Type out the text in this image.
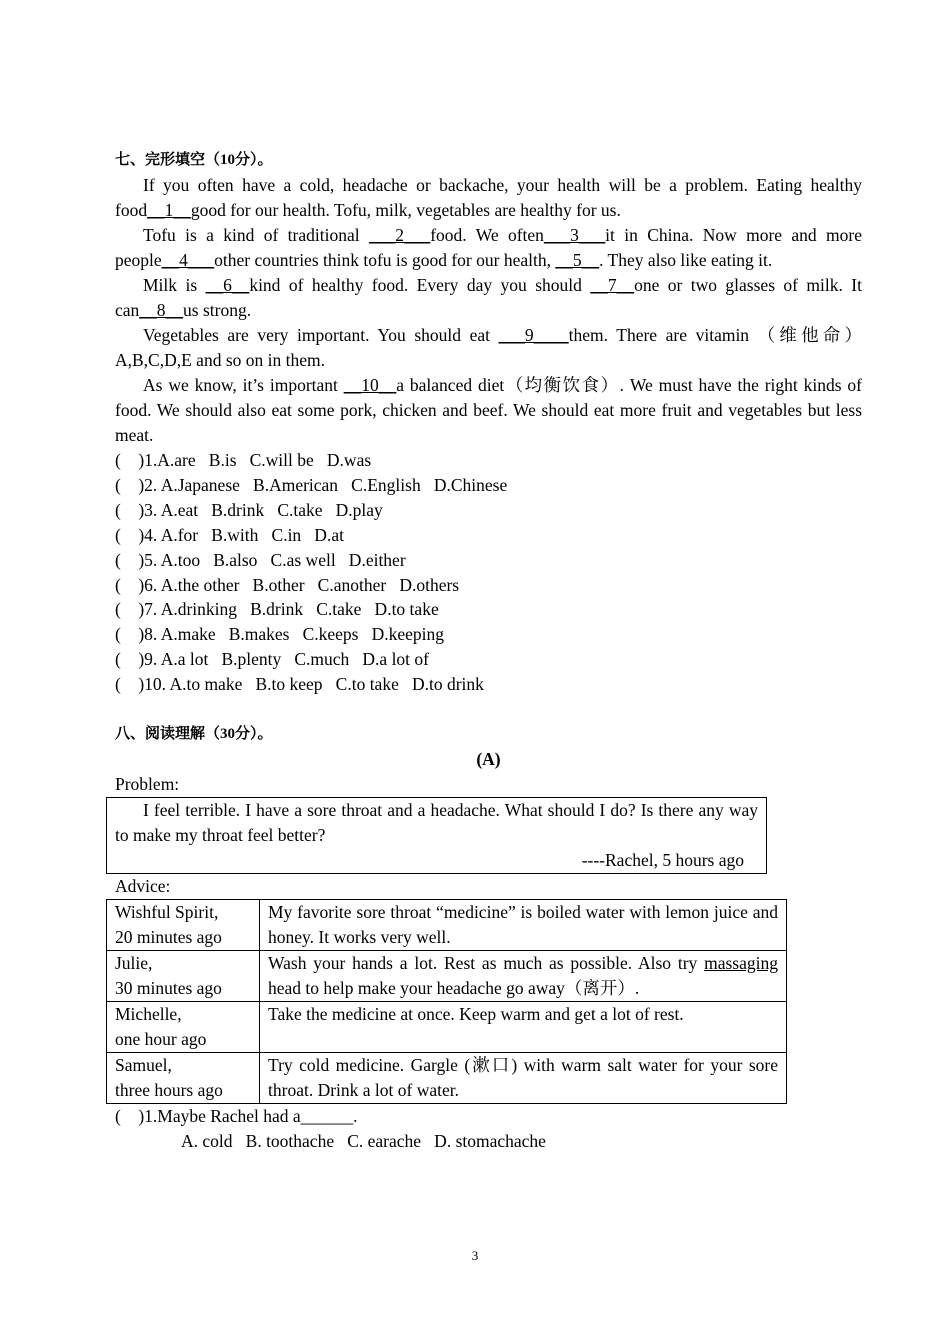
七、完形填空（10分）。

If you often have a cold, headache or backache, your health will be a problem. Eating healthy food__1__good for our health. Tofu, milk, vegetables are healthy for us.

Tofu is a kind of traditional ___2___food. We often___3___it in China. Now more and more people__4___other countries think tofu is good for our health, __5__. They also like eating it.

Milk is __6__kind of healthy food. Every day you should __7__one or two glasses of milk. It can__8__us strong.

Vegetables are very important. You should eat ___9____them. There are vitamin （维他命）A,B,C,D,E and so on in them.

As we know, it’s important __10__a balanced diet（均衡饮食）. We must have the right kinds of food. We should also eat some pork, chicken and beef. We should eat more fruit and vegetables but less meat.

(    )1.A.are   B.is   C.will be   D.was

(    )2. A.Japanese   B.American   C.English   D.Chinese

(    )3. A.eat   B.drink   C.take   D.play

(    )4. A.for   B.with   C.in   D.at

(    )5. A.too   B.also   C.as well   D.either

(    )6. A.the other   B.other   C.another   D.others

(    )7. A.drinking   B.drink   C.take   D.to take

(    )8. A.make   B.makes   C.keeps   D.keeping

(    )9. A.a lot   B.plenty   C.much   D.a lot of

(    )10. A.to make   B.to keep   C.to take   D.to drink

八、阅读理解（30分）。
(A)

Problem:

I feel terrible. I have a sore throat and a headache. What should I do? Is there any way to make my throat feel better?

----Rachel, 5 hours ago

Advice:

Wishful Spirit,
20 minutes ago	My favorite sore throat “medicine” is boiled water with lemon juice and honey. It works very well.

Julie,
30 minutes ago	Wash your hands a lot. Rest as much as possible. Also try massaging head to help make your headache go away（离开）.

Michelle,
one hour ago	Take the medicine at once. Keep warm and get a lot of rest.

Samuel,
three hours ago	Try cold medicine. Gargle (漱口) with warm salt water for your sore throat. Drink a lot of water.

(    )1.Maybe Rachel had a______.

A. cold   B. toothache   C. earache   D. stomachache
3
